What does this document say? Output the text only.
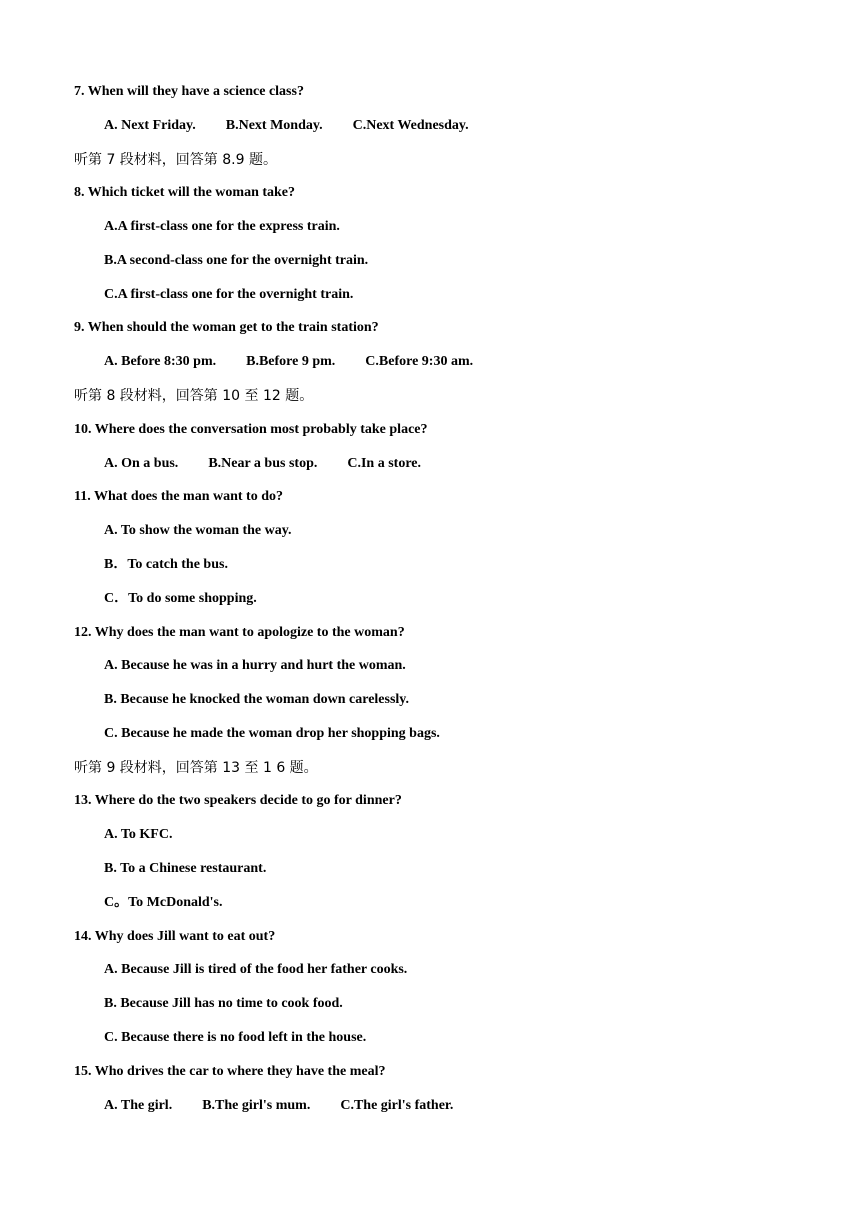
7. When will they have a science class?
A. Next Friday. B.Next Monday. C.Next Wednesday.
听第 7 段材料，回答第 8.9 题。
8. Which ticket will the woman take?
A.A first-class one for the express train.
B.A second-class one for the overnight train.
C.A first-class one for the overnight train.
9. When should the woman get to the train station?
A. Before 8:30 pm. B.Before 9 pm. C.Before 9:30 am.
听第 8 段材料，回答第 10 至 12 题。
10. Where does the conversation most probably take place?
A. On a bus. B.Near a bus stop. C.In a store.
11. What does the man want to do?
A. To show the woman the way.
B．To catch the bus.
C．To do some shopping.
12. Why does the man want to apologize to the woman?
A. Because he was in a hurry and hurt the woman.
B. Because he knocked the woman down carelessly.
C. Because he made the woman drop her shopping bags.
听第 9 段材料，回答第 13 至 1 6 题。
13. Where do the two speakers decide to go for dinner?
A. To KFC.
B. To a Chinese restaurant.
C。To McDonald's.
14. Why does Jill want to eat out?
A. Because Jill is tired of the food her father cooks.
B. Because Jill has no time to cook food.
C. Because there is no food left in the house.
15. Who drives the car to where they have the meal?
A. The girl. B.The girl's mum. C.The girl's father.
